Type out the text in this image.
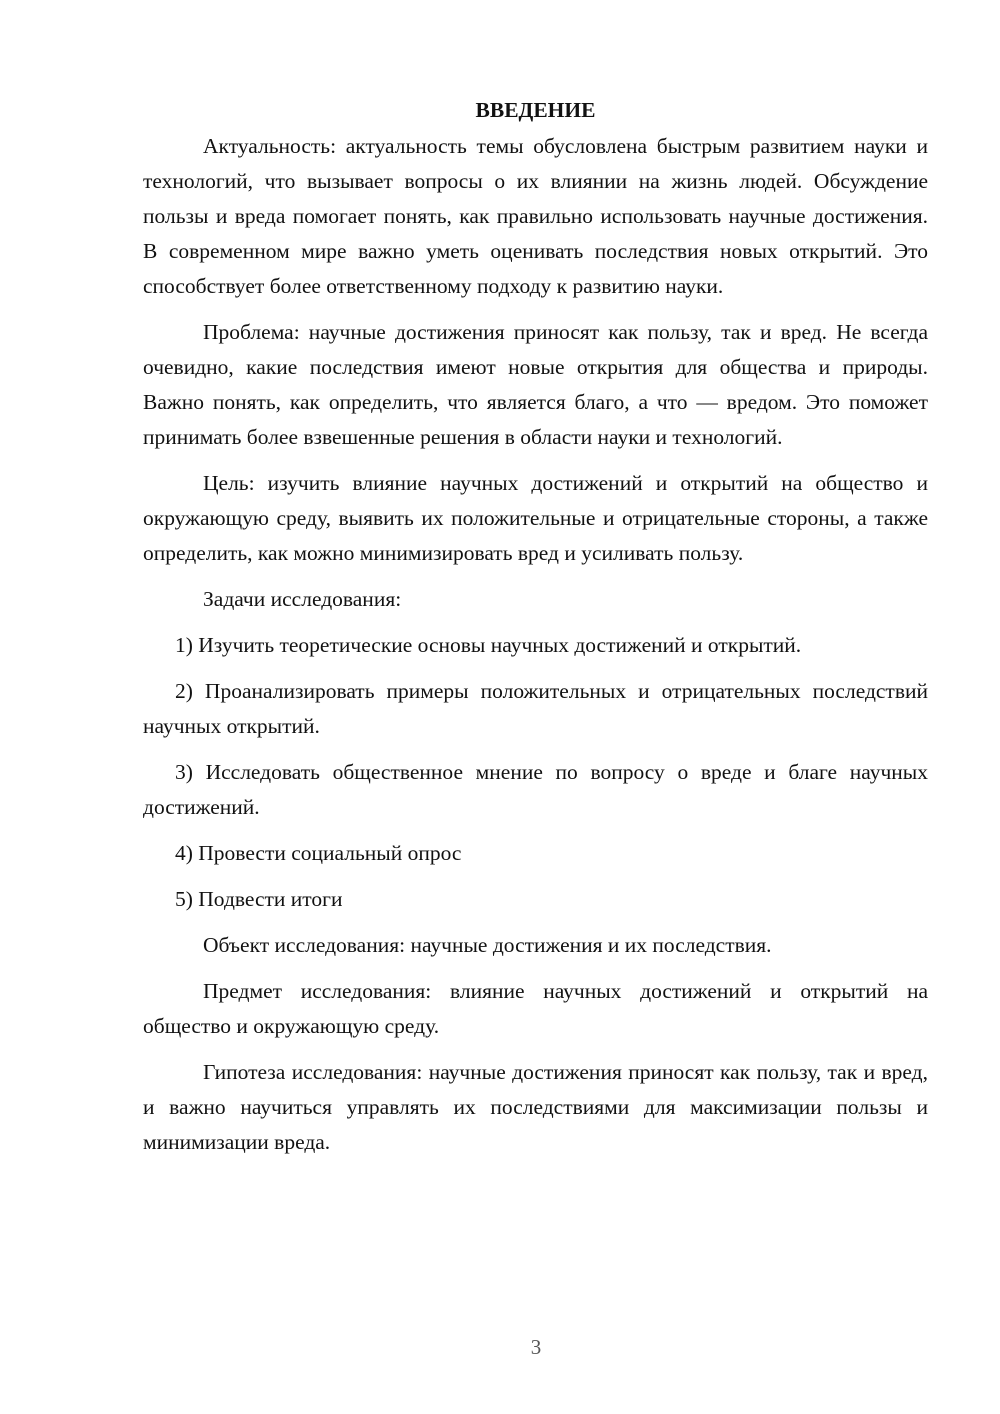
ВВЕДЕНИЕ

Актуальность: актуальность темы обусловлена быстрым развитием науки и технологий, что вызывает вопросы о их влиянии на жизнь людей. Обсуждение пользы и вреда помогает понять, как правильно использовать научные достижения. В современном мире важно уметь оценивать последствия новых открытий. Это способствует более ответственному подходу к развитию науки.

Проблема: научные достижения приносят как пользу, так и вред. Не всегда очевидно, какие последствия имеют новые открытия для общества и природы. Важно понять, как определить, что является благо, а что — вредом. Это поможет принимать более взвешенные решения в области науки и технологий.

Цель: изучить влияние научных достижений и открытий на общество и окружающую среду, выявить их положительные и отрицательные стороны, а также определить, как можно минимизировать вред и усиливать пользу.

Задачи исследования:

1) Изучить теоретические основы научных достижений и открытий.

2) Проанализировать примеры положительных и отрицательных последствий научных открытий.

3) Исследовать общественное мнение по вопросу о вреде и благе научных достижений.

4) Провести социальный опрос

5) Подвести итоги

Объект исследования: научные достижения и их последствия.

Предмет исследования: влияние научных достижений и открытий на общество и окружающую среду.

Гипотеза исследования: научные достижения приносят как пользу, так и вред, и важно научиться управлять их последствиями для максимизации пользы и минимизации вреда.

3
